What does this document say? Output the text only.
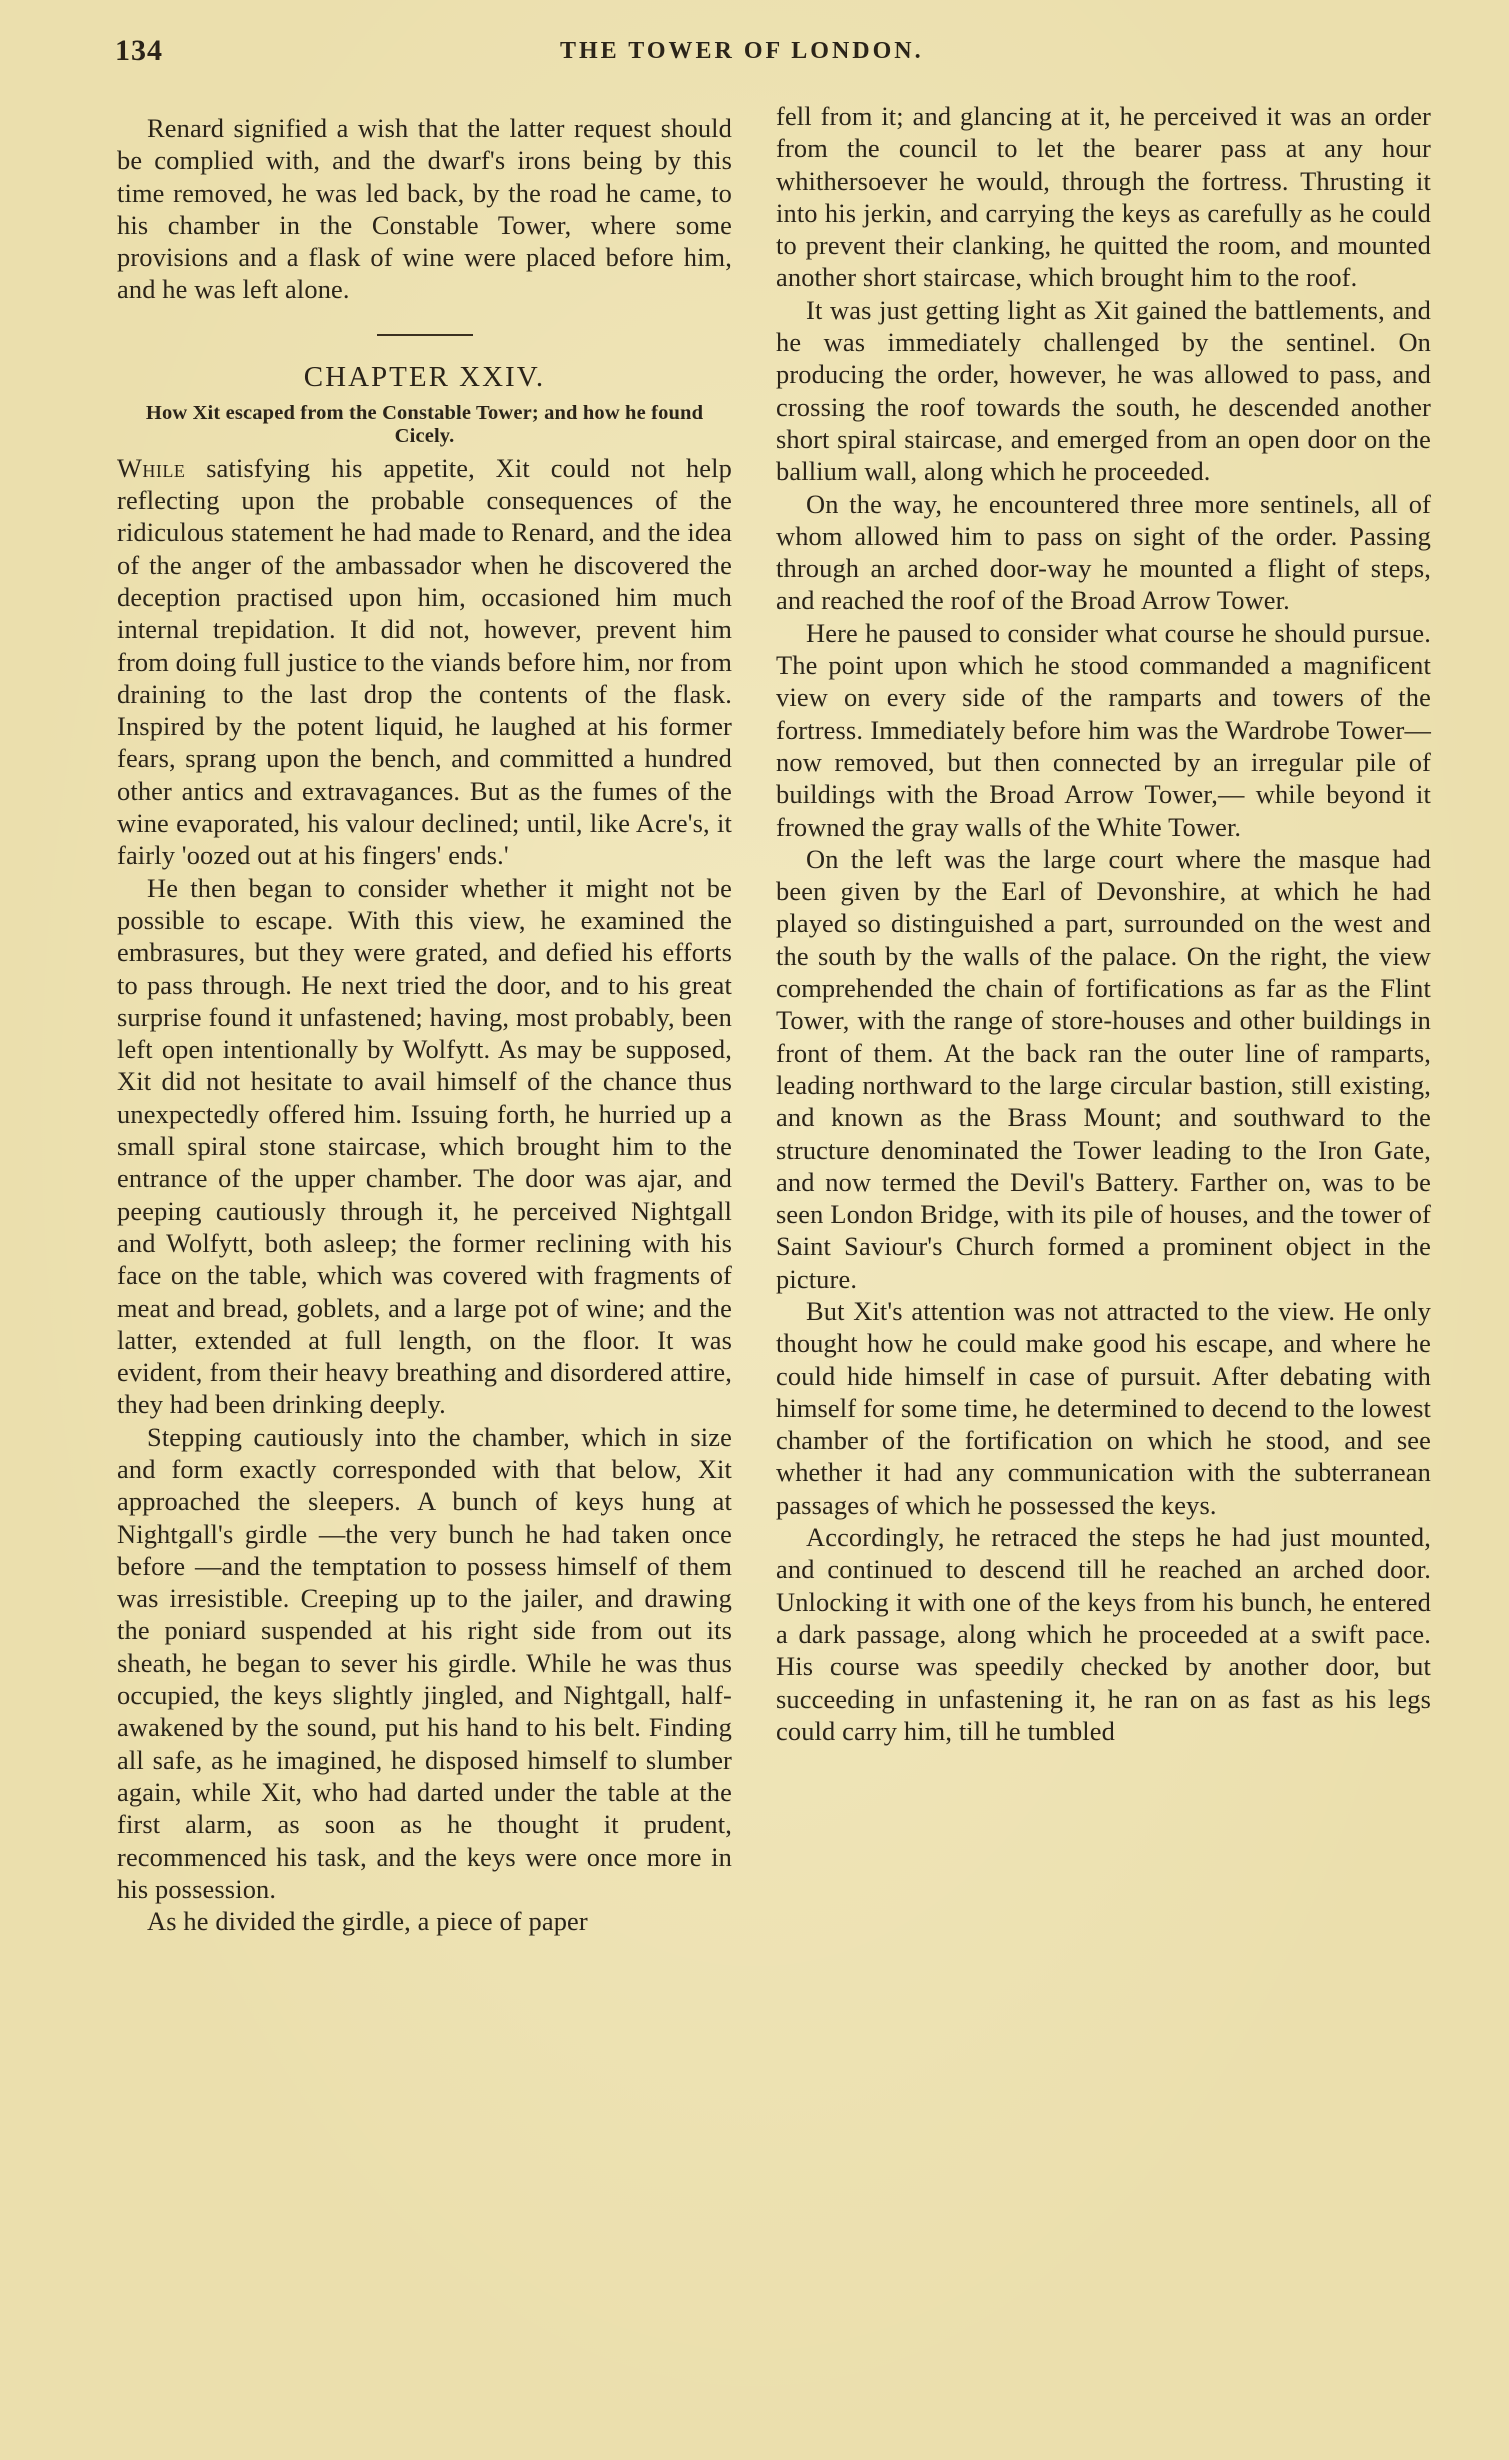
134	THE TOWER OF LONDON.

Renard signified a wish that the latter request should be complied with, and the dwarf's irons being by this time removed, he was led back, by the road he came, to his chamber in the Constable Tower, where some provisions and a flask of wine were placed before him, and he was left alone.

CHAPTER XXIV.
How Xit escaped from the Constable Tower; and how he found Cicely.

While satisfying his appetite, Xit could not help reflecting upon the probable consequences of the ridiculous statement he had made to Renard, and the idea of the anger of the ambassador when he discovered the deception practised upon him, occasioned him much internal trepidation. It did not, however, prevent him from doing full justice to the viands before him, nor from draining to the last drop the contents of the flask. Inspired by the potent liquid, he laughed at his former fears, sprang upon the bench, and committed a hundred other antics and extravagances. But as the fumes of the wine evaporated, his valour declined; until, like Acre's, it fairly 'oozed out at his fingers' ends.'

He then began to consider whether it might not be possible to escape. With this view, he examined the embrasures, but they were grated, and defied his efforts to pass through. He next tried the door, and to his great surprise found it unfastened; having, most probably, been left open intentionally by Wolfytt. As may be supposed, Xit did not hesitate to avail himself of the chance thus unexpectedly offered him. Issuing forth, he hurried up a small spiral stone staircase, which brought him to the entrance of the upper chamber. The door was ajar, and peeping cautiously through it, he perceived Nightgall and Wolfytt, both asleep; the former reclining with his face on the table, which was covered with fragments of meat and bread, goblets, and a large pot of wine; and the latter, extended at full length, on the floor. It was evident, from their heavy breathing and disordered attire, they had been drinking deeply.

Stepping cautiously into the chamber, which in size and form exactly corresponded with that below, Xit approached the sleepers. A bunch of keys hung at Nightgall's girdle —the very bunch he had taken once before —and the temptation to possess himself of them was irresistible. Creeping up to the jailer, and drawing the poniard suspended at his right side from out its sheath, he began to sever his girdle. While he was thus occupied, the keys slightly jingled, and Nightgall, half-awakened by the sound, put his hand to his belt. Finding all safe, as he imagined, he disposed himself to slumber again, while Xit, who had darted under the table at the first alarm, as soon as he thought it prudent, recommenced his task, and the keys were once more in his possession.

As he divided the girdle, a piece of paper

fell from it; and glancing at it, he perceived it was an order from the council to let the bearer pass at any hour whithersoever he would, through the fortress. Thrusting it into his jerkin, and carrying the keys as carefully as he could to prevent their clanking, he quitted the room, and mounted another short staircase, which brought him to the roof.

It was just getting light as Xit gained the battlements, and he was immediately challenged by the sentinel. On producing the order, however, he was allowed to pass, and crossing the roof towards the south, he descended another short spiral staircase, and emerged from an open door on the ballium wall, along which he proceeded.

On the way, he encountered three more sentinels, all of whom allowed him to pass on sight of the order. Passing through an arched door-way he mounted a flight of steps, and reached the roof of the Broad Arrow Tower.

Here he paused to consider what course he should pursue. The point upon which he stood commanded a magnificent view on every side of the ramparts and towers of the fortress. Immediately before him was the Wardrobe Tower—now removed, but then connected by an irregular pile of buildings with the Broad Arrow Tower,— while beyond it frowned the gray walls of the White Tower.

On the left was the large court where the masque had been given by the Earl of Devonshire, at which he had played so distinguished a part, surrounded on the west and the south by the walls of the palace. On the right, the view comprehended the chain of fortifications as far as the Flint Tower, with the range of store-houses and other buildings in front of them. At the back ran the outer line of ramparts, leading northward to the large circular bastion, still existing, and known as the Brass Mount; and southward to the structure denominated the Tower leading to the Iron Gate, and now termed the Devil's Battery. Farther on, was to be seen London Bridge, with its pile of houses, and the tower of Saint Saviour's Church formed a prominent object in the picture.

But Xit's attention was not attracted to the view. He only thought how he could make good his escape, and where he could hide himself in case of pursuit. After debating with himself for some time, he determined to decend to the lowest chamber of the fortification on which he stood, and see whether it had any communication with the subterranean passages of which he possessed the keys.

Accordingly, he retraced the steps he had just mounted, and continued to descend till he reached an arched door. Unlocking it with one of the keys from his bunch, he entered a dark passage, along which he proceeded at a swift pace. His course was speedily checked by another door, but succeeding in unfastening it, he ran on as fast as his legs could carry him, till he tumbled
